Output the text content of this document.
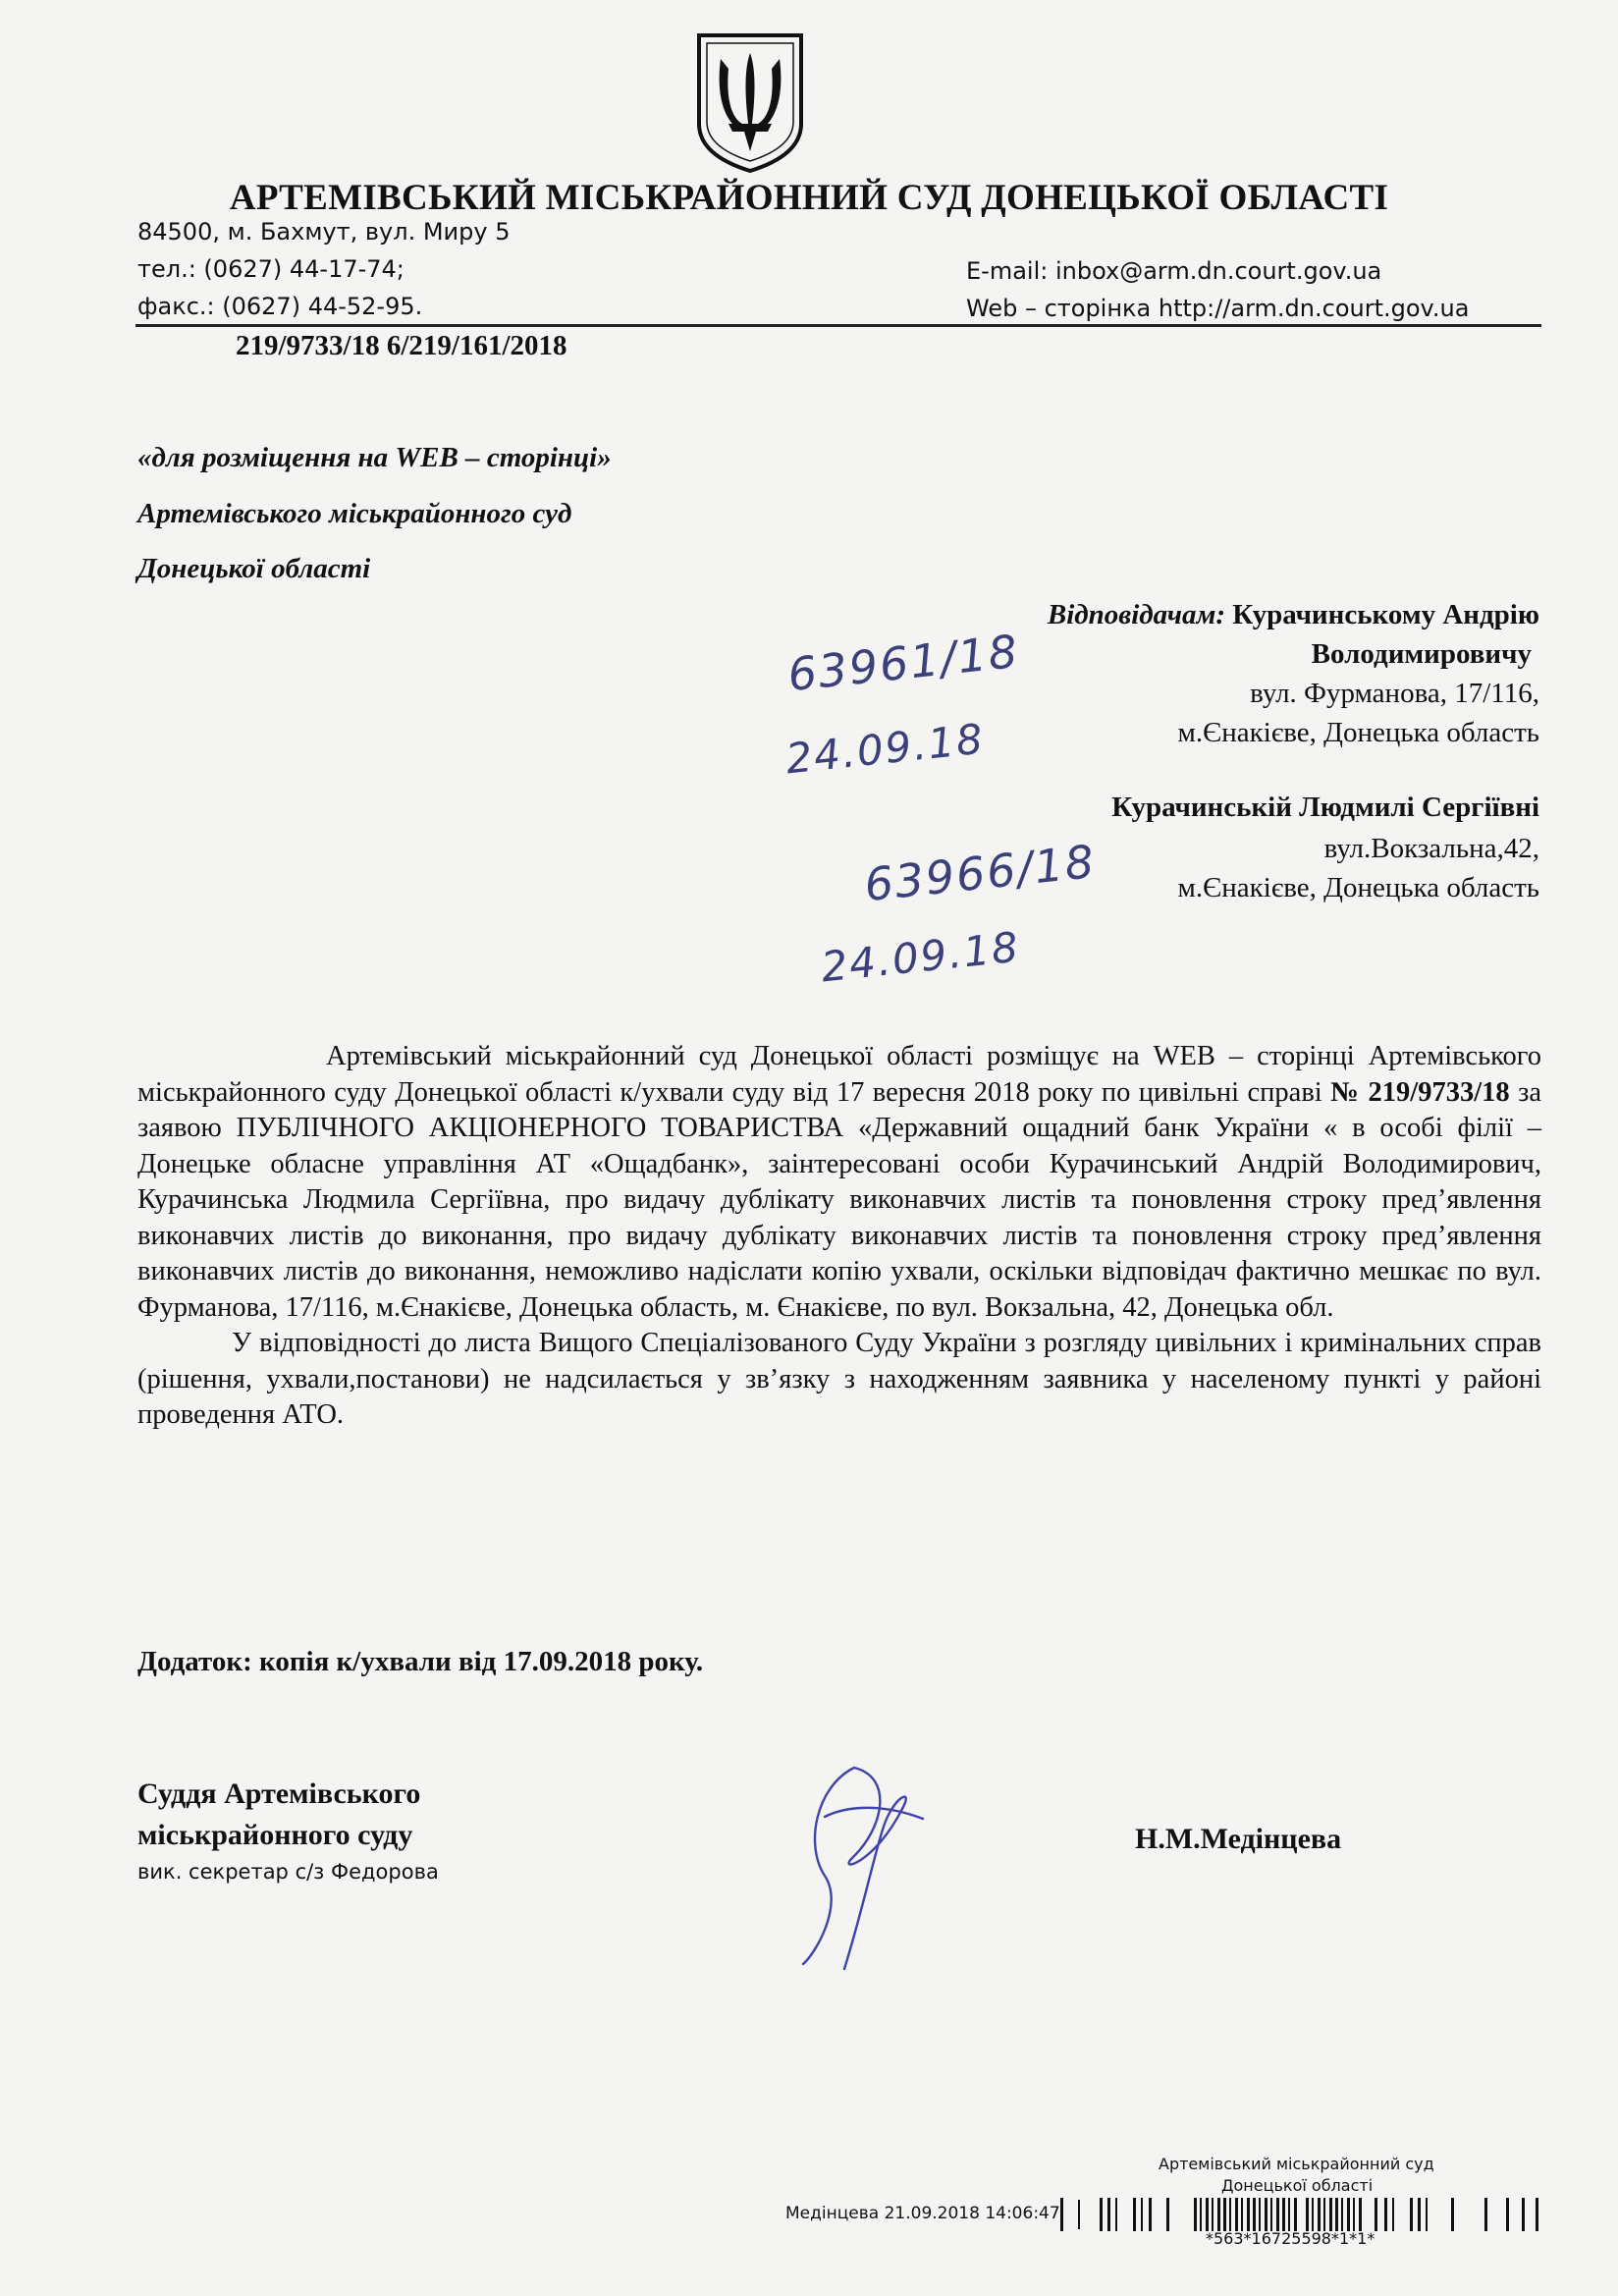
АРТЕМІВСЬКИЙ МІСЬКРАЙОННИЙ СУД ДОНЕЦЬКОЇ ОБЛАСТІ
84500, м. Бахмут, вул. Миру 5
тел.: (0627) 44-17-74;
факс.: (0627) 44-52-95.
E-mail: inbox@arm.dn.court.gov.ua
Web – сторінка http://arm.dn.court.gov.ua
219/9733/18 6/219/161/2018
«для розміщення на WEB – сторінці»
Артемівського міськрайонного суд
Донецької області
Відповідачам: Курачинському Андрію
Володимировичу
вул. Фурманова, 17/116,
м.Єнакієве, Донецька область
Курачинській Людмилі Сергіївні
вул.Вокзальна,42,
м.Єнакієве, Донецька область
63961/18
24.09.18
63966/18
24.09.18

Артемівський міськрайонний суд Донецької області розміщує на WEB – сторінці Артемівського міськрайонного суду Донецької області к/ухвали суду від 17 вересня 2018 року по цивільні справі № 219/9733/18 за заявою ПУБЛІЧНОГО АКЦІОНЕРНОГО ТОВАРИСТВА «Державний ощадний банк України « в особі філії – Донецьке обласне управління АТ «Ощадбанк», заінтересовані особи Курачинський Андрій Володимирович, Курачинська Людмила Сергіївна, про видачу дублікату виконавчих листів та поновлення строку пред’явлення виконавчих листів до виконання, про видачу дублікату виконавчих листів та поновлення строку пред’явлення виконавчих листів до виконання, неможливо надіслати копію ухвали, оскільки відповідач фактично мешкає по вул. Фурманова, 17/116, м.Єнакієве, Донецька область, м. Єнакієве, по вул. Вокзальна, 42, Донецька обл.

У відповідності до листа Вищого Спеціалізованого Суду України з розгляду цивільних і кримінальних справ (рішення, ухвали,постанови) не надсилається у зв’язку з находженням заявника у населеному пункті у районі проведення АТО.

Додаток: копія к/ухвали від 17.09.2018 року.
Суддя Артемівського
міськрайонного суду
вик. секретар с/з Федорова
Н.М.Медінцева
Артемівський міськрайонний суд
Донецької області
Медінцева 21.09.2018 14:06:47
*563*16725598*1*1*
